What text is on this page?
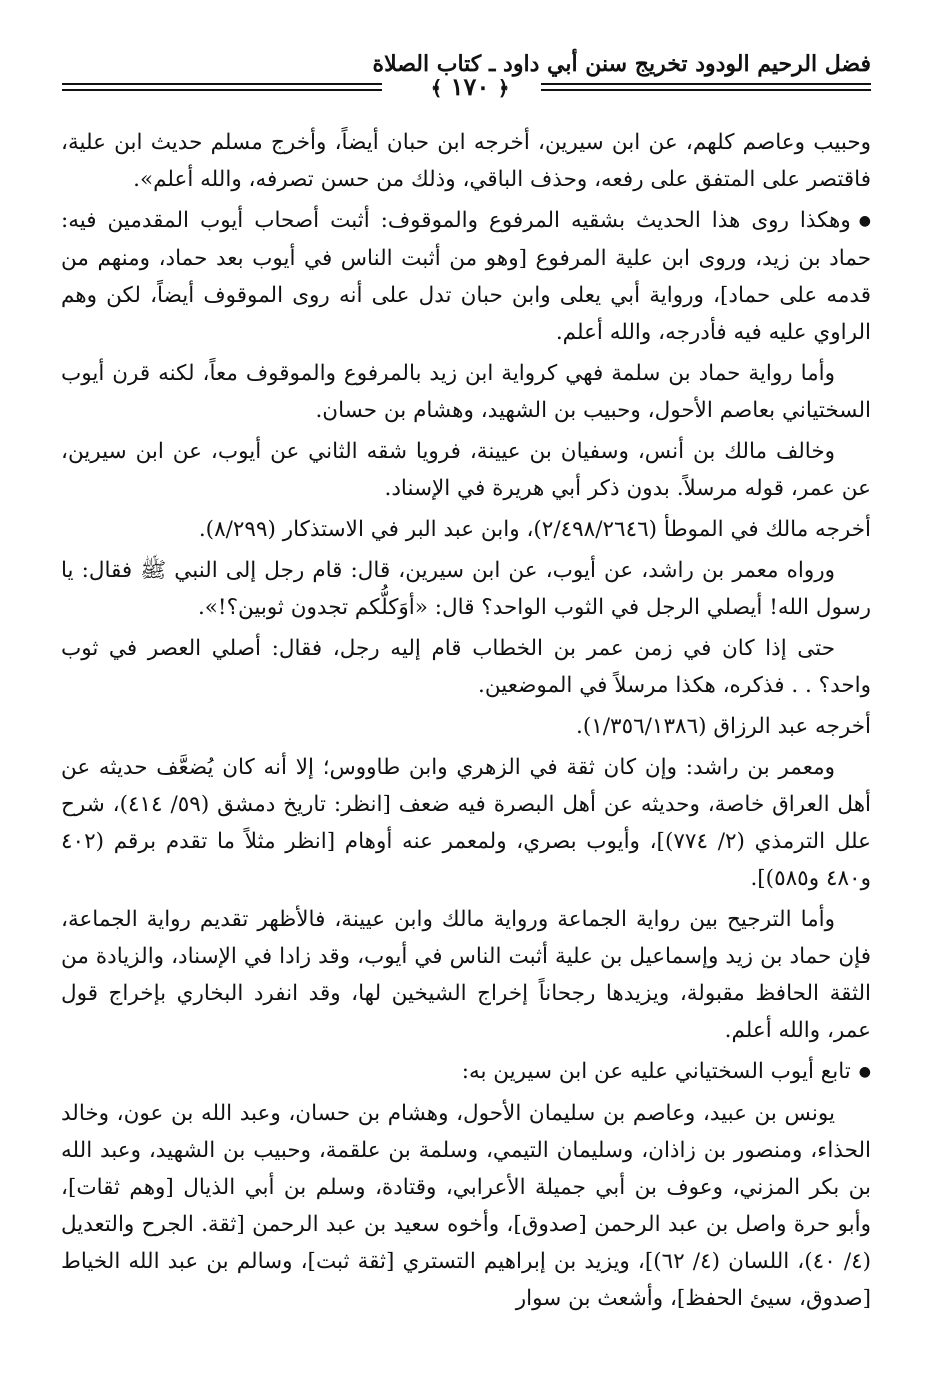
فضل الرحيم الودود تخريج سنن أبي داود ـ كتاب الصلاة
﴿ ١٧٠ ﴾

وحبيب وعاصم كلهم، عن ابن سيرين، أخرجه ابن حبان أيضاً، وأخرج مسلم حديث ابن علية، فاقتصر على المتفق على رفعه، وحذف الباقي، وذلك من حسن تصرفه، والله أعلم».

●وهكذا روى هذا الحديث بشقيه المرفوع والموقوف: أثبت أصحاب أيوب المقدمين فيه: حماد بن زيد، وروى ابن علية المرفوع [وهو من أثبت الناس في أيوب بعد حماد، ومنهم من قدمه على حماد]، ورواية أبي يعلى وابن حبان تدل على أنه روى الموقوف أيضاً، لكن وهم الراوي عليه فيه فأدرجه، والله أعلم.

وأما رواية حماد بن سلمة فهي كرواية ابن زيد بالمرفوع والموقوف معاً، لكنه قرن أيوب السختياني بعاصم الأحول، وحبيب بن الشهيد، وهشام بن حسان.

وخالف مالك بن أنس، وسفيان بن عيينة، فرويا شقه الثاني عن أيوب، عن ابن سيرين، عن عمر، قوله مرسلاً. بدون ذكر أبي هريرة في الإسناد.

أخرجه مالك في الموطأ (٢/٤٩٨/٢٦٤٦)، وابن عبد البر في الاستذكار (٨/٢٩٩).

ورواه معمر بن راشد، عن أيوب، عن ابن سيرين، قال: قام رجل إلى النبي ﷺ فقال: يا رسول الله! أيصلي الرجل في الثوب الواحد؟ قال: «أوَكلُّكم تجدون ثوبين؟!».

حتى إذا كان في زمن عمر بن الخطاب قام إليه رجل، فقال: أصلي العصر في ثوب واحد؟ . . فذكره، هكذا مرسلاً في الموضعين.

أخرجه عبد الرزاق (١/٣٥٦/١٣٨٦).

ومعمر بن راشد: وإن كان ثقة في الزهري وابن طاووس؛ إلا أنه كان يُضعَّف حديثه عن أهل العراق خاصة، وحديثه عن أهل البصرة فيه ضعف [انظر: تاريخ دمشق (٥٩/ ٤١٤)، شرح علل الترمذي (٢/ ٧٧٤)]، وأيوب بصري، ولمعمر عنه أوهام [انظر مثلاً ما تقدم برقم (٤٠٢ و٤٨٠ و٥٨٥)].

وأما الترجيح بين رواية الجماعة ورواية مالك وابن عيينة، فالأظهر تقديم رواية الجماعة، فإن حماد بن زيد وإسماعيل بن علية أثبت الناس في أيوب، وقد زادا في الإسناد، والزيادة من الثقة الحافظ مقبولة، ويزيدها رجحاناً إخراج الشيخين لها، وقد انفرد البخاري بإخراج قول عمر، والله أعلم.

●تابع أيوب السختياني عليه عن ابن سيرين به:

يونس بن عبيد، وعاصم بن سليمان الأحول، وهشام بن حسان، وعبد الله بن عون، وخالد الحذاء، ومنصور بن زاذان، وسليمان التيمي، وسلمة بن علقمة، وحبيب بن الشهيد، وعبد الله بن بكر المزني، وعوف بن أبي جميلة الأعرابي، وقتادة، وسلم بن أبي الذيال [وهم ثقات]، وأبو حرة واصل بن عبد الرحمن [صدوق]، وأخوه سعيد بن عبد الرحمن [ثقة. الجرح والتعديل (٤/ ٤٠)، اللسان (٤/ ٦٢)]، ويزيد بن إبراهيم التستري [ثقة ثبت]، وسالم بن عبد الله الخياط [صدوق، سيئ الحفظ]، وأشعث بن سوار
